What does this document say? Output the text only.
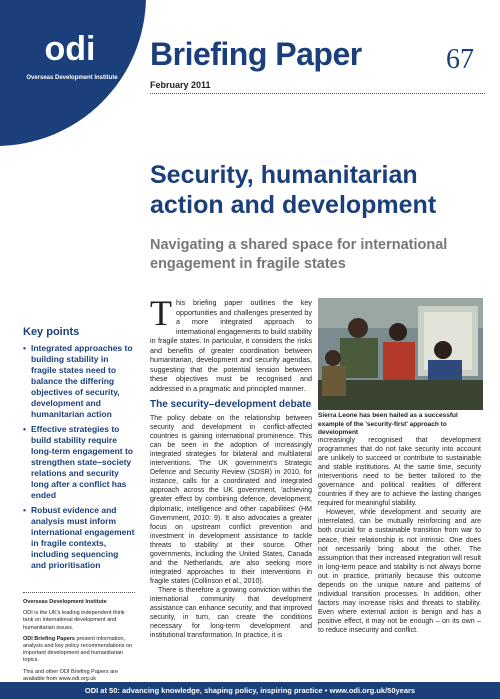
odi
Overseas Development Institute
Briefing Paper	67
February 2011
Security, humanitarian action and development
Navigating a shared space for international engagement in fragile states
Key points
• Integrated approaches to building stability in fragile states need to balance the differing objectives of security, development and humanitarian action
• Effective strategies to build stability require long-term engagement to strengthen state–society relations and security long after a conflict has ended
• Robust evidence and analysis must inform international engagement in fragile contexts, including sequencing and prioritisation

Overseas Development Institute

ODI is the UK's leading independent think tank on international development and humanitarian issues.

ODI Briefing Papers present information, analysis and key policy recommendations on important development and humanitarian topics.

This and other ODI Briefing Papers are available from www.odi.org.uk

This briefing paper outlines the key opportunities and challenges presented by a more integrated approach to international engagements to build stability in fragile states. In particular, it considers the risks and benefits of greater coordination between humanitarian, development and security agendas, suggesting that the potential tension between these objectives must be recognised and addressed in a pragmatic and principled manner.

The security–development debate

The policy debate on the relationship between security and development in conflict-affected countries is gaining international prominence. This can be seen in the adoption of increasingly integrated strategies for bilateral and multilateral interventions. The UK government's Strategic Defence and Security Review (SDSR) in 2010, for instance, calls for a coordinated and integrated approach across the UK government, 'achieving greater effect by combining defence, development, diplomatic, intelligence and other capabilities' (HM Government, 2010: 9). It also advocates a greater focus on upstream conflict prevention and investment in development assistance to tackle threats to stability at their source. Other governments, including the United States, Canada and the Netherlands, are also seeking more integrated approaches to their interventions in fragile states (Collinson et al., 2010).

There is therefore a growing conviction within the international community that development assistance can enhance security, and that improved security, in turn, can create the conditions necessary for long-term development and institutional transformation. In practice, it is

Sierra Leone has been hailed as a successful example of the 'security-first' approach to development

increasingly recognised that development programmes that do not take security into account are unlikely to succeed or contribute to sustainable and stable institutions. At the same time, security interventions need to be better tailored to the governance and political realities of different countries if they are to achieve the lasting changes required for meaningful stability.

However, while development and security are interrelated, can be mutually reinforcing and are both crucial for a sustainable transition from war to peace, their relationship is not intrinsic. One does not necessarily bring about the other. The assumption that their increased integration will result in long-term peace and stability is not always borne out in practice, primarily because this outcome depends on the unique nature and patterns of individual transition processes. In addition, other factors may increase risks and threats to stability. Even where external action is benign and has a positive effect, it may not be enough – on its own – to reduce insecurity and conflict.

ODI at 50: advancing knowledge, shaping policy, inspiring practice • www.odi.org.uk/50years
